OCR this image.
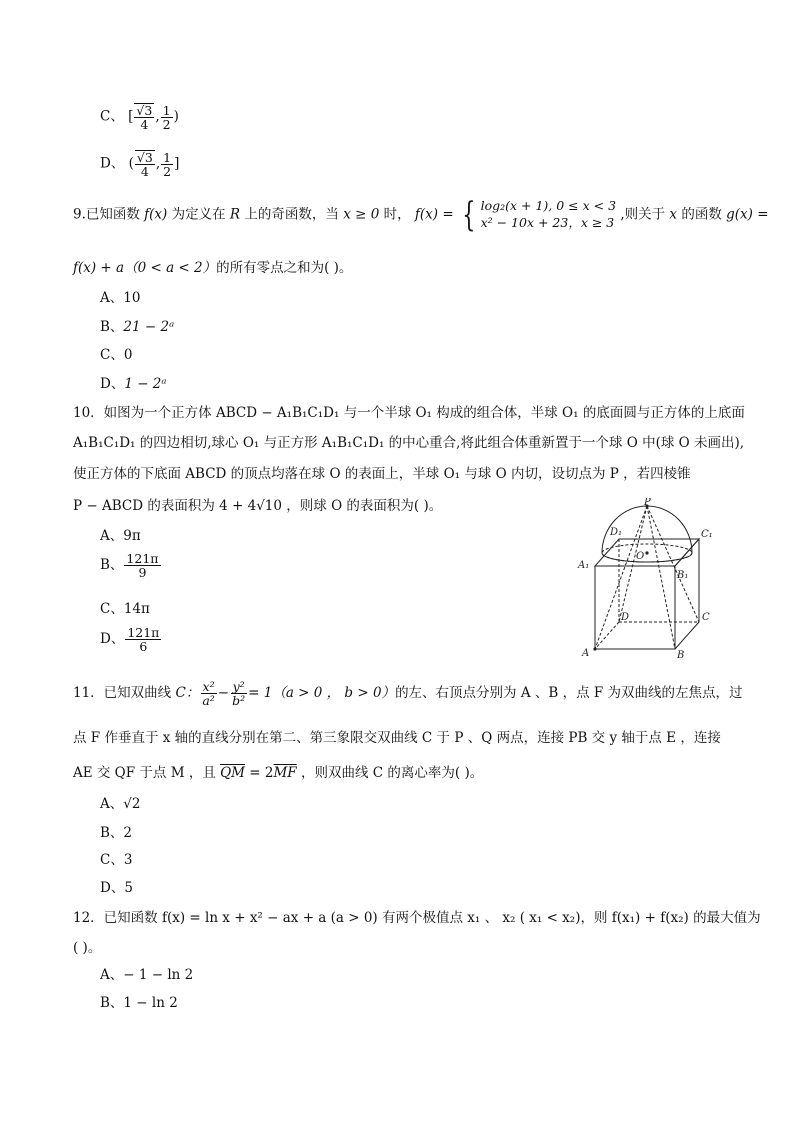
C、 [ $\frac{√3}{4}$ , $\frac{1}{2}$ )
D、 ( $\frac{√3}{4}$ , $\frac{1}{2}$ ]
9.已知函数 f(x) 为定义在 R 上的奇函数，当 x ≥ 0 时， f(x) = { log₂(x + 1), 0 ≤ x < 3
x² − 10x + 23，x ≥ 3 ,则关于 x 的函数 g(x) =
f(x) + a（0 < a < 2）的所有零点之和为( )。
A、10
B、21 − 2ᵃ
C、0
D、1 − 2ᵃ
10．如图为一个正方体 ABCD − A₁B₁C₁D₁ 与一个半球 O₁ 构成的组合体，半球 O₁ 的底面圆与正方体的上底面
A₁B₁C₁D₁ 的四边相切,球心 O₁ 与正方形 A₁B₁C₁D₁ 的中心重合,将此组合体重新置于一个球 O 中(球 O 未画出),
使正方体的下底面 ABCD 的顶点均落在球 O 的表面上，半球 O₁ 与球 O 内切，设切点为 P ，若四棱锥
P − ABCD 的表面积为 4 + 4√10 ，则球 O 的表面积为( )。
A、9π
B、 $\frac{121\pi}{9}$
C、14π
D、 $\frac{121\pi}{6}$
P
D₁	C₁
O
A₁
B₁
D	C
A	B
11．已知双曲线 C： $\frac{\text{x²}}{\text{a²}} - \frac{\text{y²}}{\text{b²}} = 1(a > 0$ ， b > 0）的左、右顶点分别为 A 、B ，点 F 为双曲线的左焦点，过
点 F 作垂直于 x 轴的直线分别在第二、第三象限交双曲线 C 于 P 、Q 两点，连接 PB 交 y 轴于点 E ，连接
AE 交 QF 于点 M ，且 $\overline{QM} = 2\overline{MF}$ ，则双曲线 C 的离心率为( )。
A、√2
B、2
C、3
D、5
12．已知函数 f(x) = ln x + x² − ax + a (a > 0) 有两个极值点 x₁ 、 x₂ ( x₁ < x₂)，则 f(x₁) + f(x₂) 的最大值为
( )。
A、− 1 − ln 2
B、1 − ln 2
